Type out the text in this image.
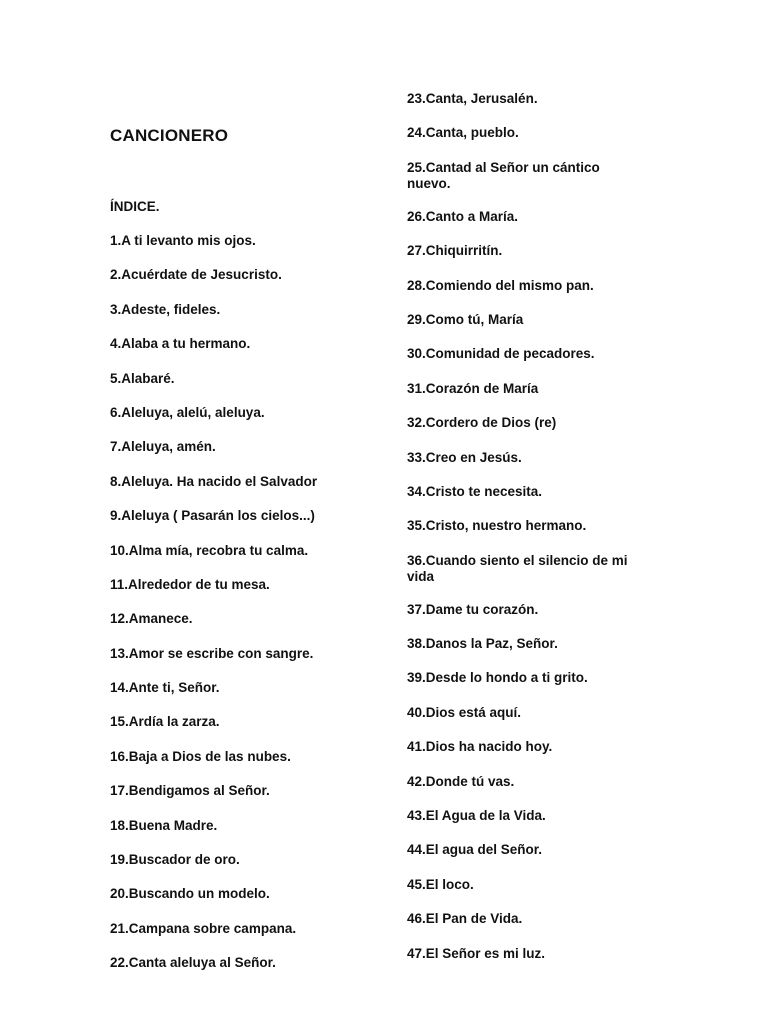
CANCIONERO
ÍNDICE.
1.A ti levanto mis ojos.
2.Acuérdate de Jesucristo.
3.Adeste, fideles.
4.Alaba a tu hermano.
5.Alabaré.
6.Aleluya, alelú, aleluya.
7.Aleluya, amén.
8.Aleluya. Ha nacido el Salvador
9.Aleluya ( Pasarán los cielos...)
10.Alma mía, recobra tu calma.
11.Alrededor de tu mesa.
12.Amanece.
13.Amor se escribe con sangre.
14.Ante ti, Señor.
15.Ardía la zarza.
16.Baja a Dios de las nubes.
17.Bendigamos al Señor.
18.Buena Madre.
19.Buscador de oro.
20.Buscando un modelo.
21.Campana sobre campana.
22.Canta aleluya al Señor.
23.Canta, Jerusalén.
24.Canta, pueblo.
25.Cantad al Señor un cántico nuevo.
26.Canto a María.
27.Chiquirritín.
28.Comiendo del mismo pan.
29.Como tú, María
30.Comunidad de pecadores.
31.Corazón de María
32.Cordero de Dios (re)
33.Creo en Jesús.
34.Cristo te necesita.
35.Cristo, nuestro hermano.
36.Cuando siento el silencio de mi vida
37.Dame tu corazón.
38.Danos la Paz, Señor.
39.Desde lo hondo a ti grito.
40.Dios está aquí.
41.Dios ha nacido hoy.
42.Donde tú vas.
43.El Agua de la Vida.
44.El agua del Señor.
45.El loco.
46.El Pan de Vida.
47.El Señor es mi luz.
